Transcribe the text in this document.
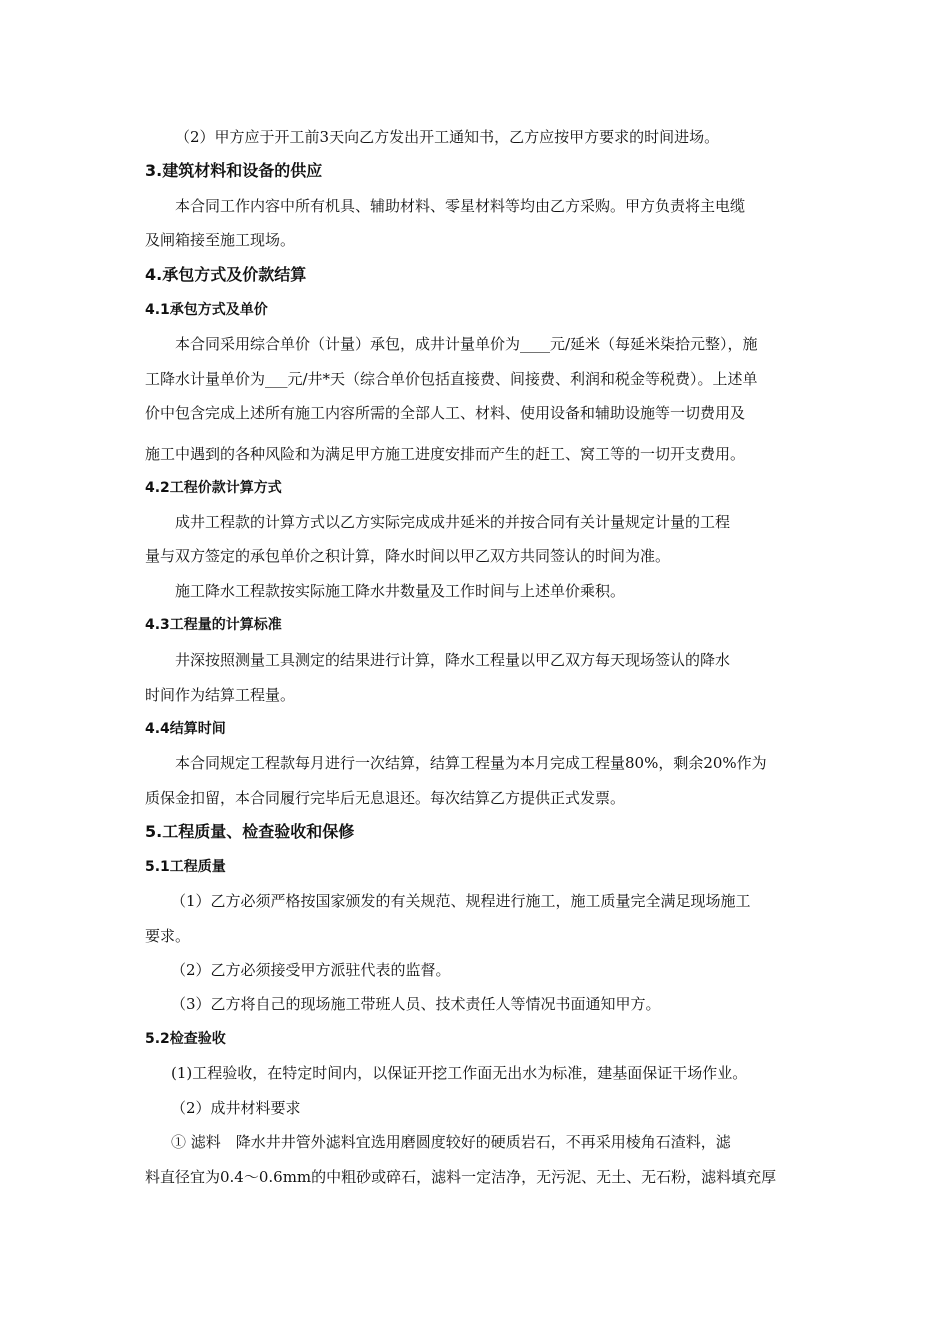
（2）甲方应于开工前3天向乙方发出开工通知书，乙方应按甲方要求的时间进场。
3.建筑材料和设备的供应
本合同工作内容中所有机具、辅助材料、零星材料等均由乙方采购。甲方负责将主电缆
及闸箱接至施工现场。
4.承包方式及价款结算
4.1承包方式及单价
本合同采用综合单价（计量）承包，成井计量单价为____元/延米（每延米柒拾元整），施
工降水计量单价为___元/井*天（综合单价包括直接费、间接费、利润和税金等税费）。上述单
价中包含完成上述所有施工内容所需的全部人工、材料、使用设备和辅助设施等一切费用及
施工中遇到的各种风险和为满足甲方施工进度安排而产生的赶工、窝工等的一切开支费用。
4.2工程价款计算方式
成井工程款的计算方式以乙方实际完成成井延米的并按合同有关计量规定计量的工程
量与双方签定的承包单价之积计算，降水时间以甲乙双方共同签认的时间为准。
施工降水工程款按实际施工降水井数量及工作时间与上述单价乘积。
4.3工程量的计算标准
井深按照测量工具测定的结果进行计算，降水工程量以甲乙双方每天现场签认的降水
时间作为结算工程量。
4.4结算时间
本合同规定工程款每月进行一次结算，结算工程量为本月完成工程量80%，剩余20%作为
质保金扣留，本合同履行完毕后无息退还。每次结算乙方提供正式发票。
5.工程质量、检查验收和保修
5.1工程质量
（1）乙方必须严格按国家颁发的有关规范、规程进行施工，施工质量完全满足现场施工
要求。
（2）乙方必须接受甲方派驻代表的监督。
（3）乙方将自己的现场施工带班人员、技术责任人等情况书面通知甲方。
5.2检查验收
(1)工程验收，在特定时间内，以保证开挖工作面无出水为标准，建基面保证干场作业。
（2）成井材料要求
① 滤料　降水井井管外滤料宜选用磨圆度较好的硬质岩石，不再采用棱角石渣料，滤
料直径宜为0.4～0.6mm的中粗砂或碎石，滤料一定洁净，无污泥、无土、无石粉，滤料填充厚
